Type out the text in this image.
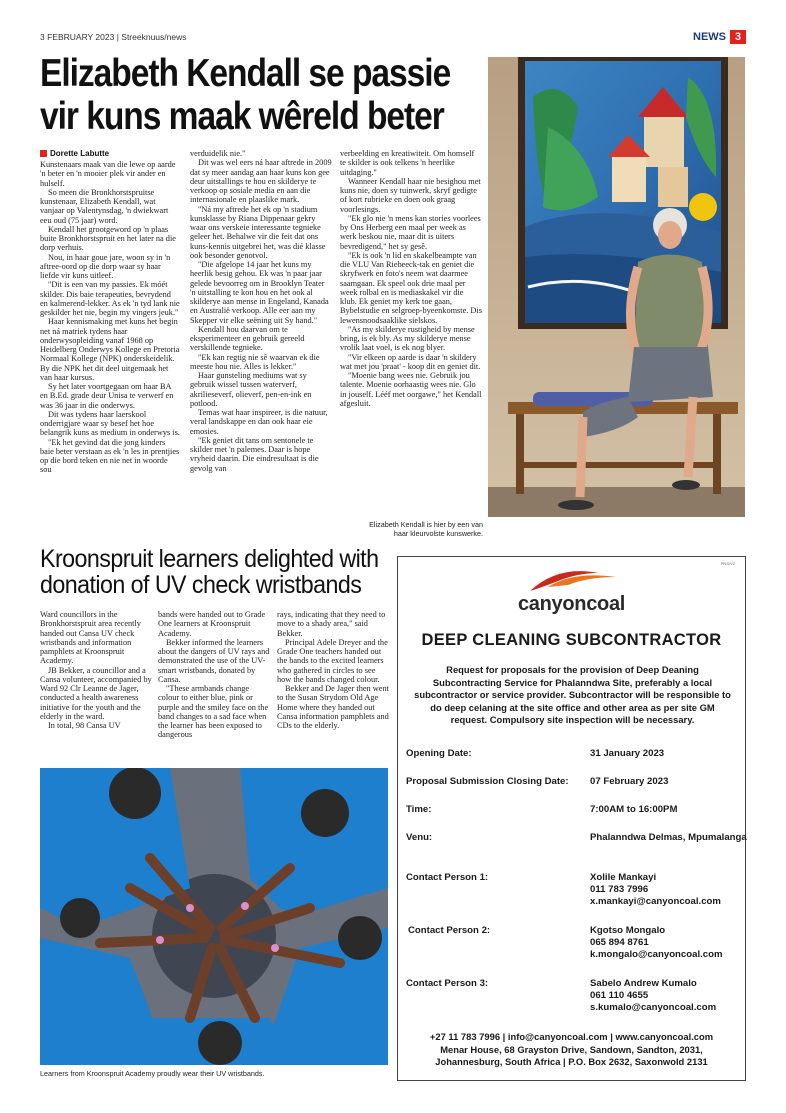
3 FEBRUARY 2023 | Streeknuus/news	NEWS 3
Elizabeth Kendall se passie
vir kuns maak wêreld beter
Dorette Labutte

Kunstenaars maak van die lewe op aarde 'n beter en 'n mooier plek vir ander en hulself.

So meen die Bronkhorstspruitse kunstenaar, Elizabeth Kendall, wat vanjaar op Valentynsdag, 'n dwiekwart eeu oud (75 jaar) word.

Kendall het grootgeword op 'n plaas buite Bronkhorstspruit en het later na die dorp verhuis.

Nou, in haar goue jare, woon sy in 'n aftree-oord op die dorp waar sy haar liefde vir kuns uitleef.

"Dit is een van my passies. Ek móét skilder. Dis baie terapeuties, bevrydend en kalmerend-lekker. As ek 'n tyd lank nie geskilder het nie, begin my vingers jeuk."

Haar kennismaking met kuns het begin net ná matriek tydens haar onderwysopleiding vanaf 1968 op Heidelberg Onderwys Kollege en Pretoria Normaal Kollege (NPK) onderskeidelik. By die NPK het dit deel uitgemaak het van haar kursus.

Sy het later voortgegaan om haar BA en B.Ed. grade deur Unisa te verwerf en was 36 jaar in die onderwys.

Dit was tydens haar laerskool onderrigjare waar sy besef het hoe belangrik kuns as medium in onderwys is.

"Ek het gevind dat die jong kinders baie beter verstaan as ek 'n les in prentjies op die bord teken en nie net in woorde sou

verduidelik nie."

Dit was wel eers ná haar aftrede in 2009 dat sy meer aandag aan haar kuns kon gee deur uitstallings te hou en skilderye te verkoop op sosiale media en aan die internasionale en plaaslike mark.

"Ná my aftrede het ek op 'n stadium kunsklasse by Riana Dippenaar gekry waar ons verskeie interessante tegnieke geleer het. Behalwe vir die feit dat ons kuns-kennis uitgebrei het, was dié klasse ook besonder genotvol.

"Die afgelope 14 jaar het kuns my heerlik besig gehou. Ek was 'n paar jaar gelede bevoorreg om in Brooklyn Teater 'n uitstalling te kon hou en het ook al skilderye aan mense in Engeland, Kanada en Australië verkoop. Alle eer aan my Skepper vir elke seëning uit Sy hand."

Kendall hou daarvan om te eksperimenteer en gebruik gereeld verskillende tegnieke.

"Ek kan regtig nie sê waarvan ek die meeste hou nie. Alles is lekker."

Haar gunsteling mediums wat sy gebruik wissel tussen waterverf, akrilieseverf, olieverf, pen-en-ink en potlood.

Temas wat haar inspireer, is die natuur, veral landskappe en dan ook haar eie emosies.

"Ek geniet dit tans om sentonele te skilder met 'n palemes. Daar is hope vryheid daarin. Die eindresultaat is die gevolg van

verbeelding en kreatiwiteit. Om homself te skilder is ook telkens 'n heerlike uitdaging."

Wanneer Kendall haar nie besighou met kuns nie, doen sy tuinwerk, skryf gedigte of kort rubrieke en doen ook graag voorlesings.

"Ek glo nie 'n mens kan stories voorlees by Ons Herberg een maal per week as werk beskou nie, maar dit is uiters bevredigend," het sy gesê.

"Ek is ook 'n lid en skakelbeampte van die VLU Van Riebeeck-tak en geniet die skryfwerk en foto's neem wat daarmee saamgaan. Ek speel ook drie maal per week rolbal en is mediaskakel vir die klub. Ek geniet my kerk toe gaan, Bybelstudie en selgroep-byeenkomste. Dis lewensnoodsaaklike sielskos.

"As my skilderye rustigheid by mense bring, is ek bly. As my skilderye mense vrolik laat voel, is ek nog blyer.

"Vir elkeen op aarde is daar 'n skildery wat met jou 'praat' - koop dit en geniet dit.

"Moenie bang wees nie. Gebruik jou talente. Moenie oorhaastig wees nie. Glo in jouself. Lééf met oorgawe," het Kendall afgesluit.

Elizabeth Kendall is hier by een van
haar kleurvolste kunswerke.
Kroonspruit learners delighted with
donation of UV check wristbands

Ward councillors in the Bronkhorstspruit area recently handed out Cansa UV check wristbands and information pamphlets at Kroonspruit Academy.

JB Bekker, a councillor and a Cansa volunteer, accompanied by Ward 92 Clr Leanne de Jager, conducted a health awareness initiative for the youth and the elderly in the ward.

In total, 98 Cansa UV

bands were handed out to Grade One learners at Kroonspruit Academy.

Bekker informed the learners about the dangers of UV rays and demonstrated the use of the UV-smart wristbands, donated by Cansa.

"These armbands change colour to either blue, pink or purple and the smiley face on the band changes to a sad face when the learner has been exposed to dangerous

rays, indicating that they need to move to a shady area," said Bekker.

Principal Adele Dreyer and the Grade One teachers handed out the bands to the excited learners who gathered in circles to see how the bands changed colour.

Bekker and De Jager then went to the Susan Strydom Old Age Home where they handed out Cansa information pamphlets and CDs to the elderly.

Learners from Kroonspruit Academy proudly wear their UV wristbands.
PNS/V2
canyoncoal
DEEP CLEANING SUBCONTRACTOR
Request for proposals for the provision of Deep Deaning Subcontracting Service for Phalanndwa Site, preferably a local subcontractor or service provider. Subcontractor will be responsible to do deep celaning at the site office and other area as per site GM request. Compulsory site inspection will be necessary.
Opening Date:	31 January 2023
Proposal Submission Closing Date: 07 February 2023
Time:	7:00AM to 16:00PM
Venu:	Phalanndwa Delmas, Mpumalanga
Contact Person 1:	Xolile Mankayi
011 783 7996
x.mankayi@canyoncoal.com
Contact Person 2:	Kgotso Mongalo
065 894 8761
k.mongalo@canyoncoal.com
Contact Person 3:	Sabelo Andrew Kumalo
061 110 4655
s.kumalo@canyoncoal.com
+27 11 783 7996 | info@canyoncoal.com | www.canyoncoal.com
Menar House, 68 Grayston Drive, Sandown, Sandton, 2031,
Johannesburg, South Africa | P.O. Box 2632, Saxonwold 2131
